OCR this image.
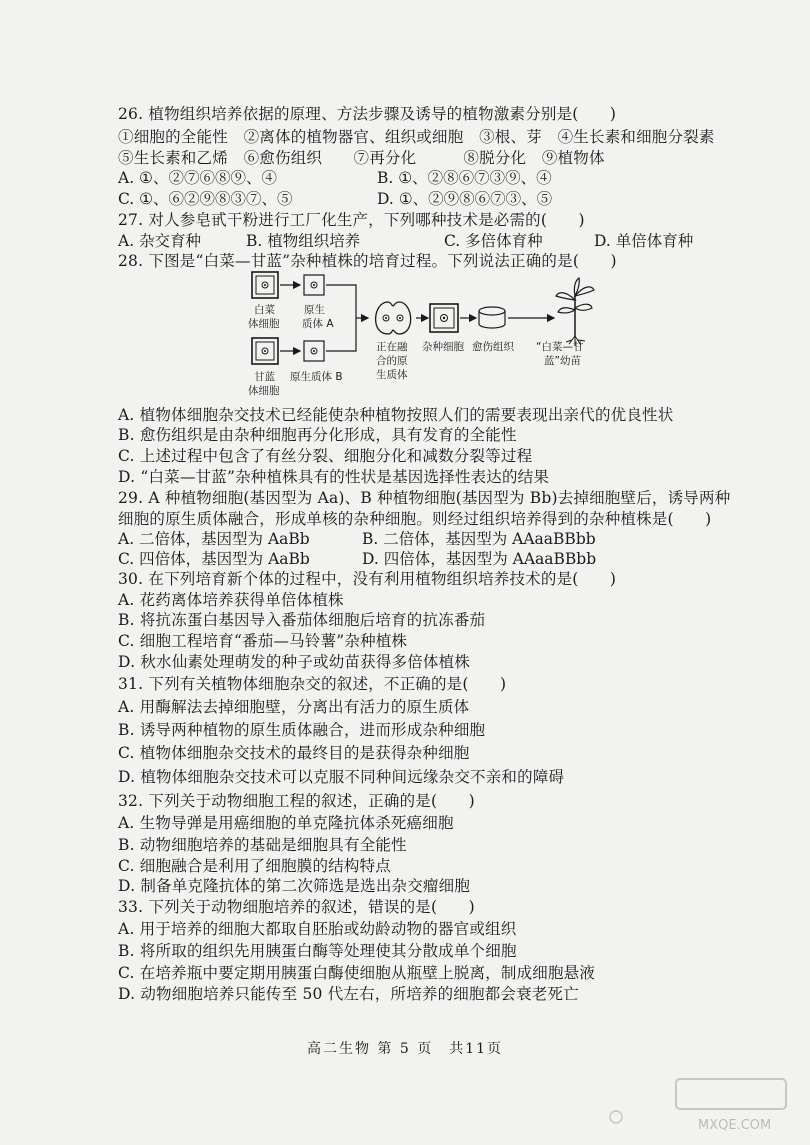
26. 植物组织培养依据的原理、方法步骤及诱导的植物激素分别是(　　)
①细胞的全能性　②离体的植物器官、组织或细胞　③根、芽　④生长素和细胞分裂素
⑤生长素和乙烯　⑥愈伤组织　　⑦再分化　　　⑧脱分化　⑨植物体
A. ①、②⑦⑥⑧⑨、④	B. ①、②⑧⑥⑦③⑨、④
C. ①、⑥②⑨⑧③⑦、⑤	D. ①、②⑨⑧⑥⑦③、⑤
27. 对人参皂甙干粉进行工厂化生产，下列哪种技术是必需的(　　)
A. 杂交育种	B. 植物组织培养	C. 多倍体育种	D. 单倍体育种
28. 下图是“白菜—甘蓝”杂种植株的培育过程。下列说法正确的是(　　)
白菜
体细胞
原生
质体 A
甘蓝
体细胞
原生质体 B
正在融
合的原
生质体
杂种细胞 愈伤组织 “白菜—甘
蓝”幼苗
A. 植物体细胞杂交技术已经能使杂种植物按照人们的需要表现出亲代的优良性状
B. 愈伤组织是由杂种细胞再分化形成，具有发育的全能性
C. 上述过程中包含了有丝分裂、细胞分化和减数分裂等过程
D. “白菜—甘蓝”杂种植株具有的性状是基因选择性表达的结果
29. A 种植物细胞(基因型为 Aa)、B 种植物细胞(基因型为 Bb)去掉细胞壁后，诱导两种
细胞的原生质体融合，形成单核的杂种细胞。则经过组织培养得到的杂种植株是(　　)
A. 二倍体，基因型为 AaBb	B. 二倍体，基因型为 AAaaBBbb
C. 四倍体，基因型为 AaBb	D. 四倍体，基因型为 AAaaBBbb
30. 在下列培育新个体的过程中，没有利用植物组织培养技术的是(　　)
A. 花药离体培养获得单倍体植株
B. 将抗冻蛋白基因导入番茄体细胞后培育的抗冻番茄
C. 细胞工程培育“番茄—马铃薯”杂种植株
D. 秋水仙素处理萌发的种子或幼苗获得多倍体植株
31. 下列有关植物体细胞杂交的叙述，不正确的是(　　)
A. 用酶解法去掉细胞壁，分离出有活力的原生质体
B. 诱导两种植物的原生质体融合，进而形成杂种细胞
C. 植物体细胞杂交技术的最终目的是获得杂种细胞
D. 植物体细胞杂交技术可以克服不同种间远缘杂交不亲和的障碍
32. 下列关于动物细胞工程的叙述，正确的是(　　)
A. 生物导弹是用癌细胞的单克隆抗体杀死癌细胞
B. 动物细胞培养的基础是细胞具有全能性
C. 细胞融合是利用了细胞膜的结构特点
D. 制备单克隆抗体的第二次筛选是选出杂交瘤细胞
33. 下列关于动物细胞培养的叙述，错误的是(　　)
A. 用于培养的细胞大都取自胚胎或幼龄动物的器官或组织
B. 将所取的组织先用胰蛋白酶等处理使其分散成单个细胞
C. 在培养瓶中要定期用胰蛋白酶使细胞从瓶壁上脱离，制成细胞悬液
D. 动物细胞培养只能传至 50 代左右，所培养的细胞都会衰老死亡
高二生物 第 5 页　共11页
MXQE.COM
